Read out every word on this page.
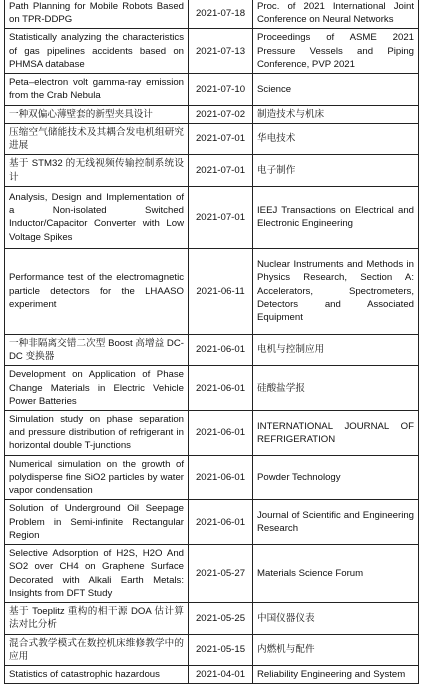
Path Planning for Mobile Robots Based on TPR-DDPG	2021-07-18	Proc. of 2021 International Joint Conference on Neural Networks
Statistically analyzing the characteristics of gas pipelines accidents based on PHMSA database	2021-07-13	Proceedings of ASME 2021 Pressure Vessels and Piping Conference, PVP 2021
Peta–electron volt gamma-ray emission from the Crab Nebula	2021-07-10	Science
一种双偏心薄壁套的新型夹具设计	2021-07-02	制造技术与机床
压缩空气储能技术及其耦合发电机组研究进展	2021-07-01	华电技术
基于 STM32 的无线视频传输控制系统设计	2021-07-01	电子制作
Analysis, Design and Implementation of a Non-isolated Switched Inductor/Capacitor Converter with Low Voltage Spikes	2021-07-01	IEEJ Transactions on Electrical and Electronic Engineering
Performance test of the electromagnetic particle detectors for the LHAASO experiment	2021-06-11	Nuclear Instruments and Methods in Physics Research, Section A: Accelerators, Spectrometers, Detectors and Associated Equipment
一种非隔离交错二次型 Boost 高增益 DC-DC 变换器	2021-06-01	电机与控制应用
Development on Application of Phase Change Materials in Electric Vehicle Power Batteries	2021-06-01	硅酸盐学报
Simulation study on phase separation and pressure distribution of refrigerant in horizontal double T-junctions	2021-06-01	INTERNATIONAL JOURNAL OF REFRIGERATION
Numerical simulation on the growth of polydisperse fine SiO2 particles by water vapor condensation	2021-06-01	Powder Technology
Solution of Underground Oil Seepage Problem in Semi-infinite Rectangular Region	2021-06-01	Journal of Scientific and Engineering Research
Selective Adsorption of H2S, H2O And SO2 over CH4 on Graphene Surface Decorated with Alkali Earth Metals: Insights from DFT Study	2021-05-27	Materials Science Forum
基于 Toeplitz 重构的相干源 DOA 估计算法对比分析	2021-05-25	中国仪器仪表
混合式教学模式在数控机床维修教学中的应用	2021-05-15	内燃机与配件
Statistics of catastrophic hazardous	2021-04-01	Reliability Engineering and System
